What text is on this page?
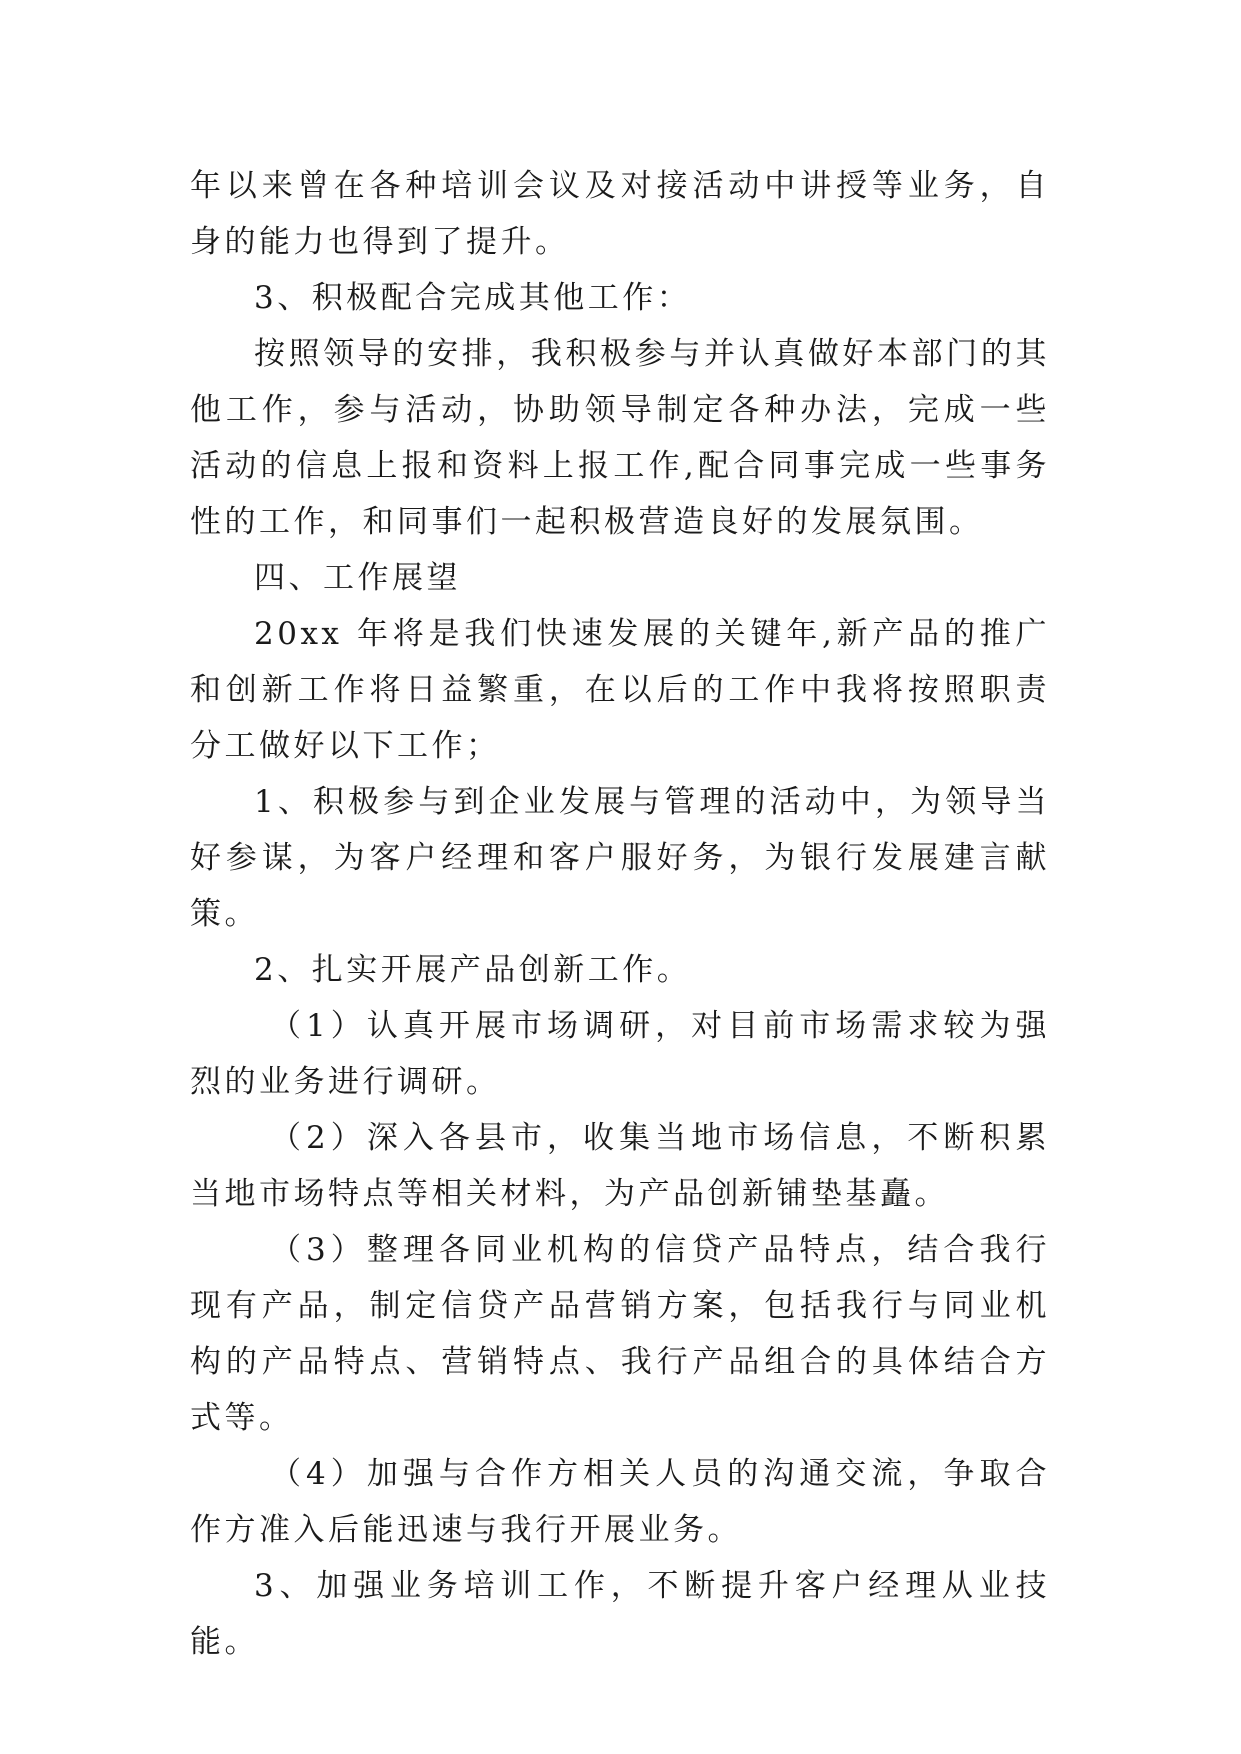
年以来曾在各种培训会议及对接活动中讲授等业务，自身的能力也得到了提升。

3、积极配合完成其他工作：

按照领导的安排，我积极参与并认真做好本部门的其他工作，参与活动，协助领导制定各种办法，完成一些活动的信息上报和资料上报工作,配合同事完成一些事务性的工作，和同事们一起积极营造良好的发展氛围。

四、工作展望

20xx 年将是我们快速发展的关键年,新产品的推广和创新工作将日益繁重，在以后的工作中我将按照职责分工做好以下工作；

1、积极参与到企业发展与管理的活动中，为领导当好参谋，为客户经理和客户服好务，为银行发展建言献策。

2、扎实开展产品创新工作。

（1）认真开展市场调研，对目前市场需求较为强烈的业务进行调研。

（2）深入各县市，收集当地市场信息，不断积累当地市场特点等相关材料，为产品创新铺垫基矗。

（3）整理各同业机构的信贷产品特点，结合我行现有产品，制定信贷产品营销方案，包括我行与同业机构的产品特点、营销特点、我行产品组合的具体结合方式等。

（4）加强与合作方相关人员的沟通交流，争取合作方准入后能迅速与我行开展业务。

3、加强业务培训工作，不断提升客户经理从业技能。
